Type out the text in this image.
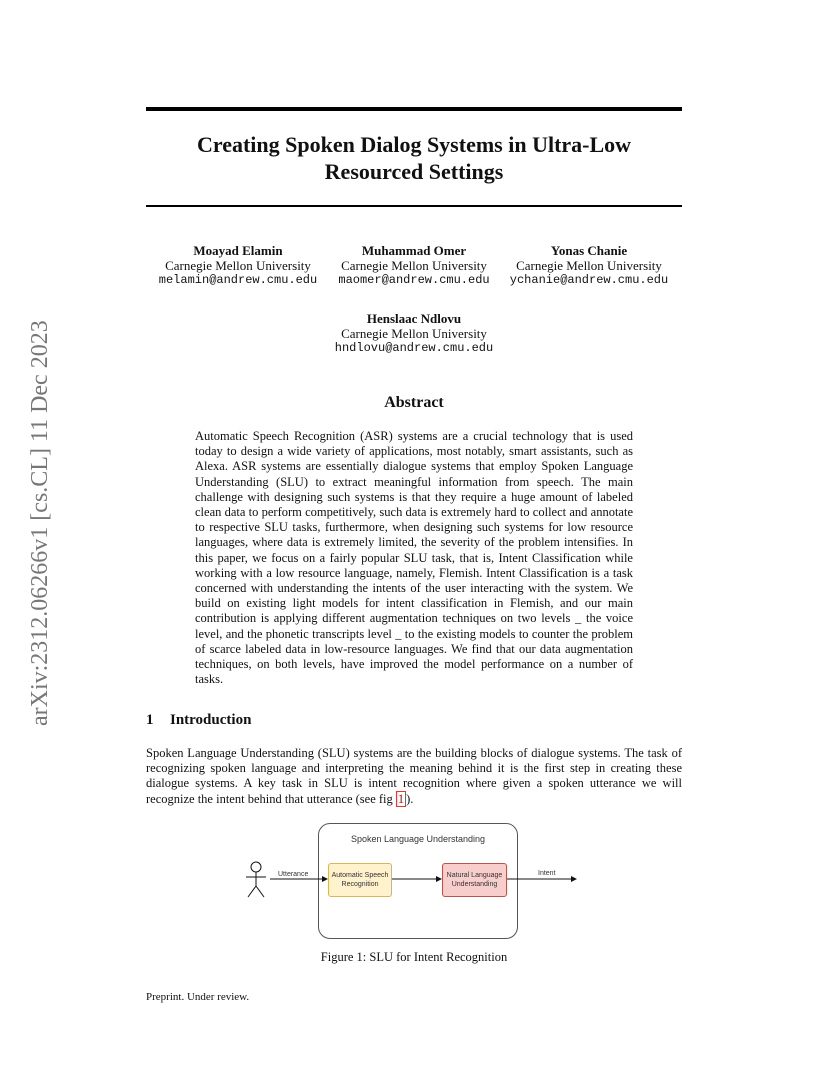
arXiv:2312.06266v1 [cs.CL] 11 Dec 2023
Creating Spoken Dialog Systems in Ultra-Low Resourced Settings
Moayad Elamin
Carnegie Mellon University
melamin@andrew.cmu.edu
Muhammad Omer
Carnegie Mellon University
maomer@andrew.cmu.edu
Yonas Chanie
Carnegie Mellon University
ychanie@andrew.cmu.edu
Henslaac Ndlovu
Carnegie Mellon University
hndlovu@andrew.cmu.edu
Abstract

Automatic Speech Recognition (ASR) systems are a crucial technology that is used today to design a wide variety of applications, most notably, smart assistants, such as Alexa. ASR systems are essentially dialogue systems that employ Spoken Language Understanding (SLU) to extract meaningful information from speech. The main challenge with designing such systems is that they require a huge amount of labeled clean data to perform competitively, such data is extremely hard to collect and annotate to respective SLU tasks, furthermore, when designing such systems for low resource languages, where data is extremely limited, the severity of the problem intensifies. In this paper, we focus on a fairly popular SLU task, that is, Intent Classification while working with a low resource language, namely, Flemish. Intent Classification is a task concerned with understanding the intents of the user interacting with the system. We build on existing light models for intent classification in Flemish, and our main contribution is applying different augmentation techniques on two levels _ the voice level, and the phonetic transcripts level _ to the existing models to counter the problem of scarce labeled data in low-resource languages. We find that our data augmentation techniques, on both levels, have improved the model performance on a number of tasks.

1 Introduction

Spoken Language Understanding (SLU) systems are the building blocks of dialogue systems. The task of recognizing spoken language and interpreting the meaning behind it is the first step in creating these dialogue systems. A key task in SLU is intent recognition where given a spoken utterance we will recognize the intent behind that utterance (see fig 1 ).

Spoken Language Understanding
Utterance	Automatic Speech Recognition
Natural Language Understanding
Intent

Figure 1: SLU for Intent Recognition

Preprint. Under review.
